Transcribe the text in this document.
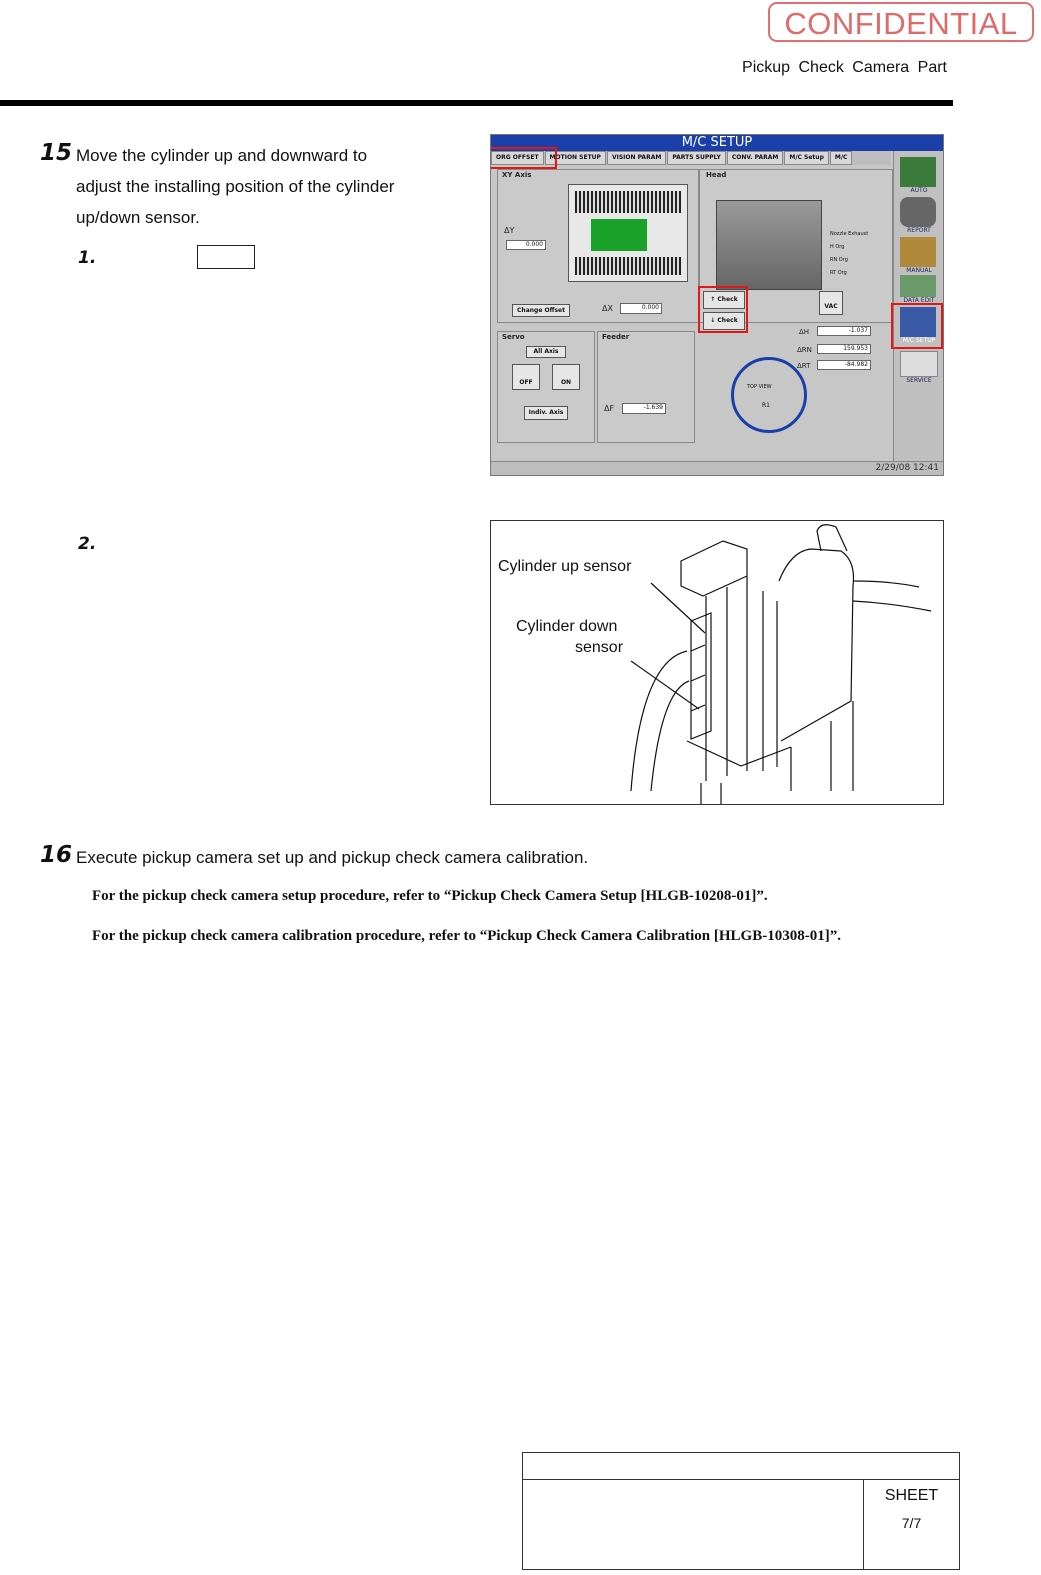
CONFIDENTIAL
Pickup Check Camera Part
15 Move the cylinder up and downward to
adjust the installing position of the cylinder
up/down sensor.
1.
2.
M/C SETUP
ORG OFFSET	MOTION SETUP	VISION PARAM	PARTS SUPPLY	CONV. PARAM	M/C Setup	M/C
XY Axis
ΔY
0.000
Change Offset	ΔX	0.000
Head
Nozzle Exhaust
H Org
RN Org
RT Org
↑ Check
↓ Check
VAC
ΔH	-1.037
ΔRN	159.953
ΔRT	-84.982
Servo
All Axis
OFF	ON
Indiv. Axis
Feeder
ΔF	-1.639
TOP VIEW
R1
AUTO
REPORT
MANUAL
DATA EDIT
M/C SETUP
SERVICE
2/29/08 12:41
Cylinder up sensor
Cylinder down
sensor
16 Execute pickup camera set up and pickup check camera calibration.
For the pickup check camera setup procedure, refer to “Pickup Check Camera Setup [HLGB-10208-01]”.
For the pickup check camera calibration procedure, refer to “Pickup Check Camera Calibration [HLGB-10308-01]”.
SHEET
7/7
